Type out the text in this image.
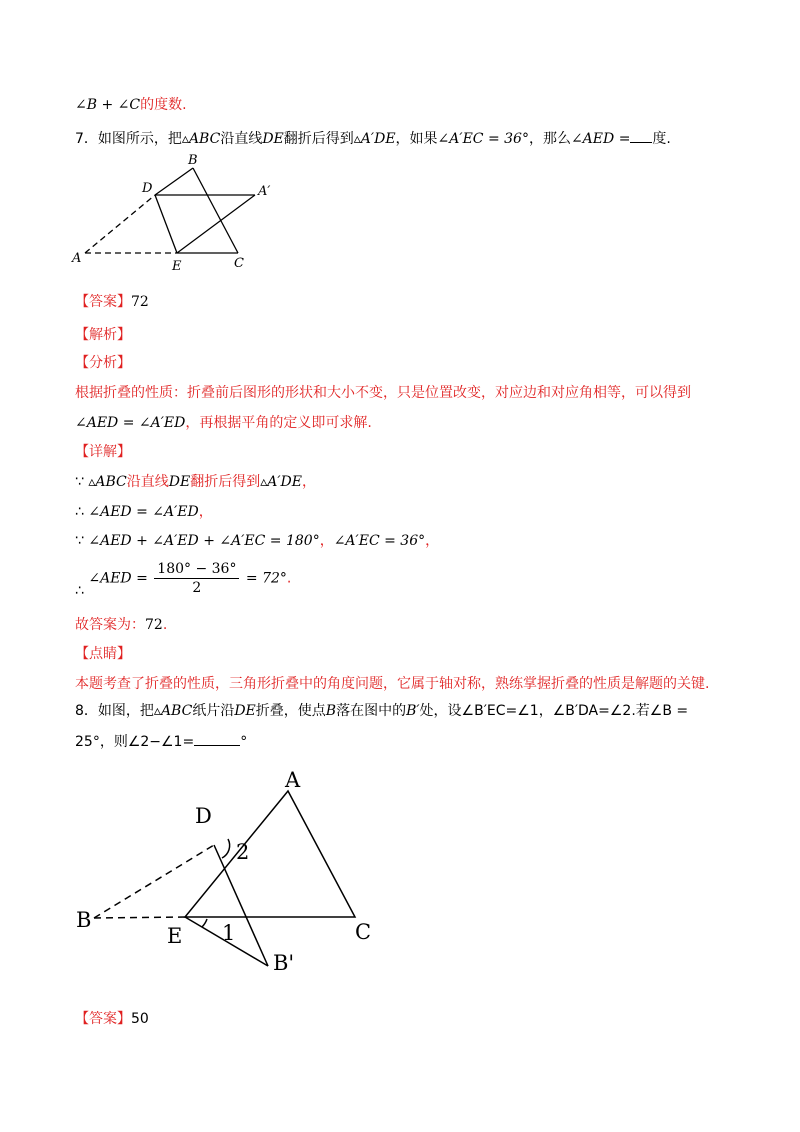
∠B + ∠C的度数.
7．如图所示，把▵ABC沿直线DE翻折后得到▵A′DE，如果∠A′EC = 36°，那么∠AED = 度.
B
D	A′
A
E	C
【答案】72
【解析】
【分析】
根据折叠的性质：折叠前后图形的形状和大小不变，只是位置改变，对应边和对应角相等，可以得到
∠AED = ∠A′ED，再根据平角的定义即可求解.
【详解】
∵ ▵ABC沿直线DE翻折后得到▵A′DE，
∴ ∠AED = ∠A′ED，
∵ ∠AED + ∠A′ED + ∠A′EC = 180°，∠A′EC = 36°，
∴ ∠AED = $\frac{180^\circ - 36^\circ}{2} = 72^\circ$.
故答案为：72.
【点睛】
本题考查了折叠的性质，三角形折叠中的角度问题，它属于轴对称，熟练掌握折叠的性质是解题的关键.
8．如图，把▵ABC纸片沿DE折叠，使点B落在图中的B′处，设∠B′EC=∠1，∠B′DA=∠2.若∠B =
25°，则∠2−∠1=	°
A
D
2
B
E 1	C
B'
【答案】50
